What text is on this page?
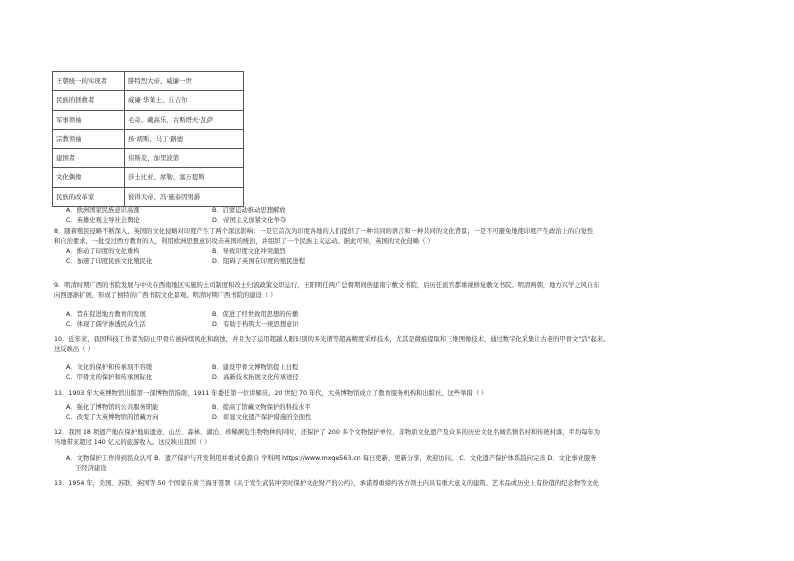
王朝统一的实现者	腓特烈大帝、威廉一世
民族的拯救者	威廉·华莱士、丘吉尔
军事领袖	毛奇、戴高乐、古斯塔夫·瓦萨
宗教领袖	扬·胡斯、马丁·路德
建国者	伟斯麦、加里波第
文化偶像	莎士比亚、席勒、塞万提斯
民族的改革家	彼得大帝、冯·施泰因男爵
A．欧洲国家民族意识高涨	B．启蒙运动推动思想解放
C．英雄史观主导社会舆论	D．帝国主义加紧文化争夺
8．随着殖民侵略不断深入，英国的文化侵略对印度产生了两个深远影响：一是它首次为印度各地的人们提供了一种共同的语言和一种共同的文化背景；一是不可避免地使印度产生政治上的自觉性
和自治要求，一批受过西方教育的人，利用欧洲思想意识攻击英国的统治，并组织了一个民族主义运动。据此可知，英国的文化侵略（ ）
A．推动了印度的文化重构	B．导致印度文化冲突激烈
C．加速了印度民族文化殖民化	D．阻碍了英国在印度的殖民进程
9．明清时期广西的书院发展与中央在西南地区实施的土司制度和改土归流政策交织运行，王阳明任两广总督期间创建南宁敷文书院，后历任流官都重视修复敷文书院。明清两朝，地方兴学之风自东
向西逐渐扩展，形成了独特的广西书院文化景观。明清时期广西书院的建设（ ）
A．旨在促进地方教育的发展	B．促进了经世致用思想的传播
C．体现了儒学渗透民众生活	D．有助于构筑大一统思想意识
10．近年来，我国科技工作者为防止甲骨片被持续风化和腐蚀，并且为了运用超越人眼识别的多光谱等超高精度采样技术，尤其是微痕提取和三维图像技术，通过数字化采集让古老的甲骨文"活"起来。
这反映出（ ）
A．文化的保护和传承刻不容缓	B．建设甲骨文博物馆提上日程
C．甲骨文的保护和传承国际化	D．高新技术拓展文化传承途径
11．1903 年大英博物馆出版第一部博物馆指南，1911 年委任第一位讲解员。20 世纪 70 年代，大英博物馆成立了教育服务机构和出版社。这些举措（ ）
A．强化了博物馆的公共服务职能	B．提高了馆藏文物保护的科技水平
C．改变了大英博物馆的馆藏方向	D．彰显文化遗产保护措施的全面性
12．我国 18 项遗产地在保护地质遗迹、山岳、森林、湖泊、珍稀濒危生物物种的同时，还保护了 200 多个文物保护单位、非物质文化遗产及众多的历史文化名城名镇名村和传统村落，平均每年为
当地带来超过 140 亿元的旅游收入。这反映出我国（ ）
A．文物保护工作得到民众认可 B．遗产保护与开发利用并重试卷源自 学科网 https://www.mxqe563.cn 每日更新，更新分享，欢迎访问。 C．文化遗产保护体系趋向完善 D．文化事业服务
于经济建设
13．1954 年，美国、苏联、英国等 50 个国家在荷兰海牙签署《关于发生武装冲突时保护文化财产的公约》，承诺尊重缔约各方领土内具有重大意义的建筑、艺术品或历史上有价值的纪念物等文化
